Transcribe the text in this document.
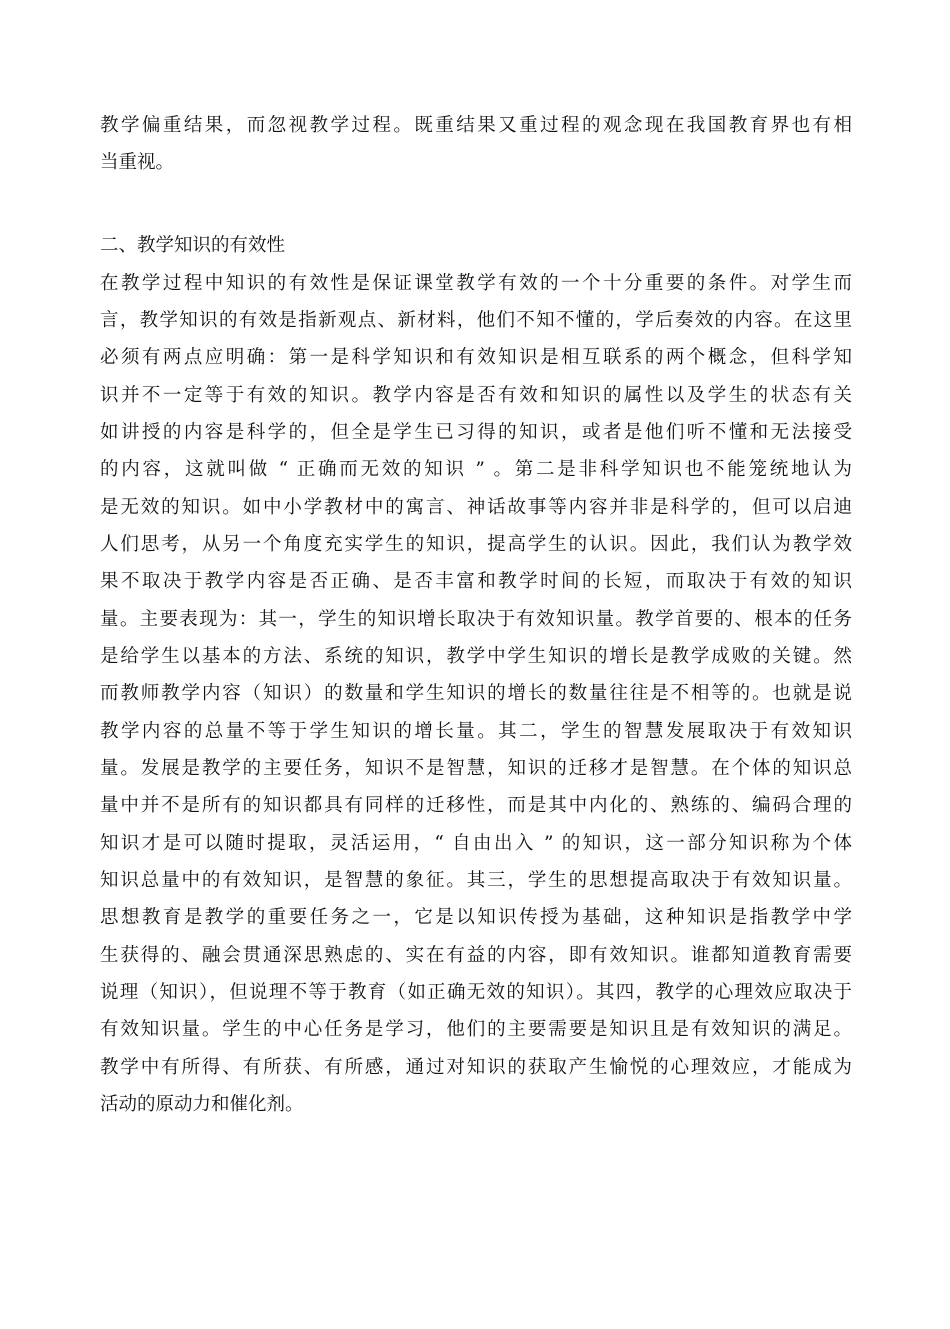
教学偏重结果，而忽视教学过程。既重结果又重过程的观念现在我国教育界也有相
当重视。
二、教学知识的有效性
在教学过程中知识的有效性是保证课堂教学有效的一个十分重要的条件。对学生而
言，教学知识的有效是指新观点、新材料，他们不知不懂的，学后奏效的内容。在这里
必须有两点应明确：第一是科学知识和有效知识是相互联系的两个概念，但科学知
识并不一定等于有效的知识。教学内容是否有效和知识的属性以及学生的状态有关
如讲授的内容是科学的，但全是学生已习得的知识，或者是他们听不懂和无法接受
的内容，这就叫做 “ 正确而无效的知识 ” 。第二是非科学知识也不能笼统地认为
是无效的知识。如中小学教材中的寓言、神话故事等内容并非是科学的，但可以启迪
人们思考，从另一个角度充实学生的知识，提高学生的认识。因此，我们认为教学效
果不取决于教学内容是否正确、是否丰富和教学时间的长短，而取决于有效的知识
量。主要表现为：其一，学生的知识增长取决于有效知识量。教学首要的、根本的任务
是给学生以基本的方法、系统的知识，教学中学生知识的增长是教学成败的关键。然
而教师教学内容（知识）的数量和学生知识的增长的数量往往是不相等的。也就是说
教学内容的总量不等于学生知识的增长量。其二，学生的智慧发展取决于有效知识
量。发展是教学的主要任务，知识不是智慧，知识的迁移才是智慧。在个体的知识总
量中并不是所有的知识都具有同样的迁移性，而是其中内化的、熟练的、编码合理的
知识才是可以随时提取，灵活运用，“ 自由出入 ” 的知识，这一部分知识称为个体
知识总量中的有效知识，是智慧的象征。其三，学生的思想提高取决于有效知识量。
思想教育是教学的重要任务之一，它是以知识传授为基础，这种知识是指教学中学
生获得的、融会贯通深思熟虑的、实在有益的内容，即有效知识。谁都知道教育需要
说理（知识），但说理不等于教育（如正确无效的知识）。其四，教学的心理效应取决于
有效知识量。学生的中心任务是学习，他们的主要需要是知识且是有效知识的满足。
教学中有所得、有所获、有所感，通过对知识的获取产生愉悦的心理效应，才能成为
活动的原动力和催化剂。
